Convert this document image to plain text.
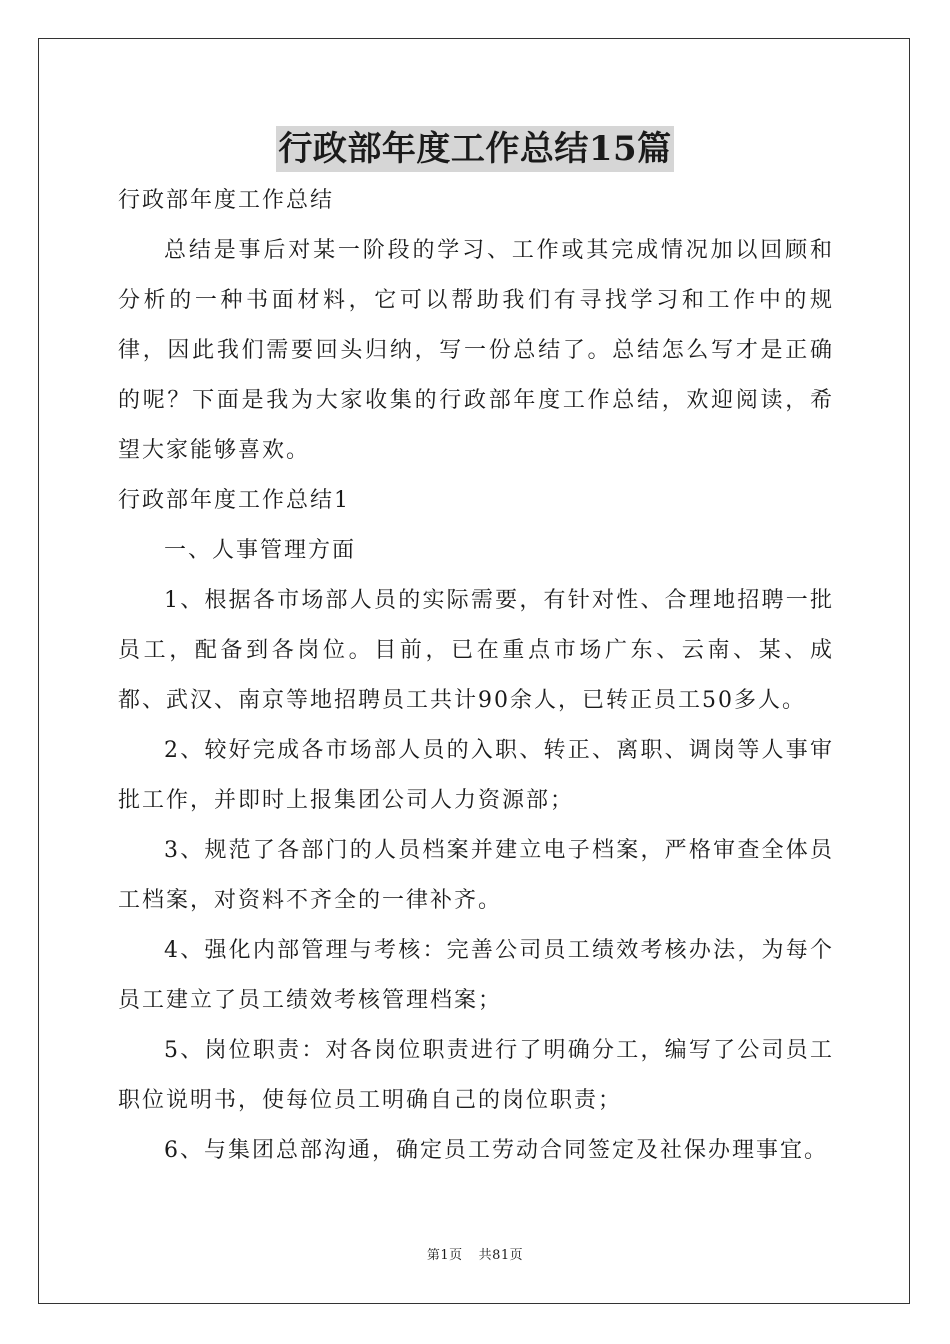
行政部年度工作总结15篇

行政部年度工作总结

总结是事后对某一阶段的学习、工作或其完成情况加以回顾和分析的一种书面材料，它可以帮助我们有寻找学习和工作中的规律，因此我们需要回头归纳，写一份总结了。总结怎么写才是正确的呢？下面是我为大家收集的行政部年度工作总结，欢迎阅读，希望大家能够喜欢。

行政部年度工作总结1

一、人事管理方面

1、根据各市场部人员的实际需要，有针对性、合理地招聘一批员工，配备到各岗位。目前，已在重点市场广东、云南、某、成都、武汉、南京等地招聘员工共计90余人，已转正员工50多人。

2、较好完成各市场部人员的入职、转正、离职、调岗等人事审批工作，并即时上报集团公司人力资源部；

3、规范了各部门的人员档案并建立电子档案，严格审查全体员工档案，对资料不齐全的一律补齐。

4、强化内部管理与考核：完善公司员工绩效考核办法，为每个员工建立了员工绩效考核管理档案；

5、岗位职责：对各岗位职责进行了明确分工，编写了公司员工职位说明书，使每位员工明确自己的岗位职责；

6、与集团总部沟通，确定员工劳动合同签定及社保办理事宜。

第1页 共81页
